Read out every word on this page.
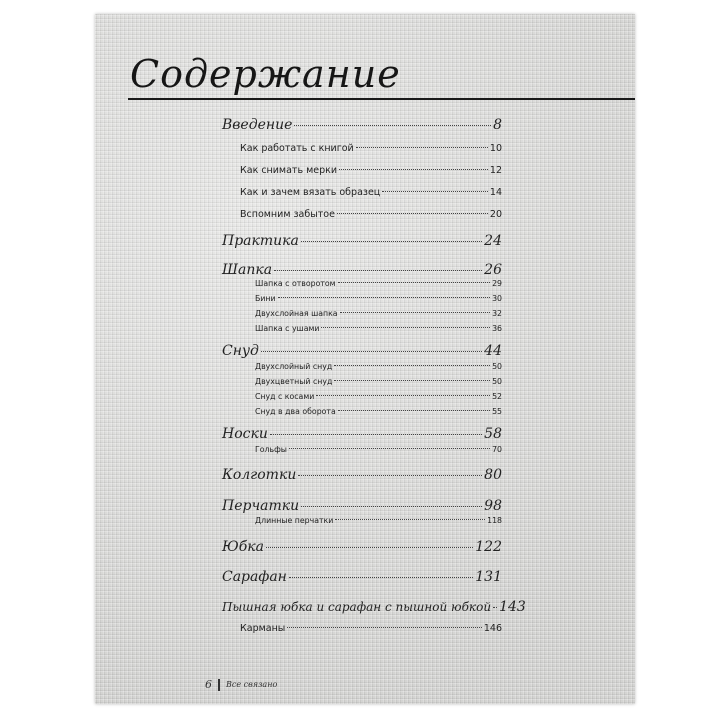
Содержание
Введение	8
Как работать с книгой	10
Как снимать мерки	12
Как и зачем вязать образец	14
Вспомним забытое	20
Практика	24
Шапка	26
Шапка с отворотом	29
Бини	30
Двухслойная шапка	32
Шапка с ушами	36
Снуд	44
Двухслойный снуд	50
Двухцветный снуд	50
Снуд с косами	52
Снуд в два оборота	55
Носки	58
Гольфы	70
Колготки	80
Перчатки	98
Длинные перчатки	118
Юбка	122
Сарафан	131
Пышная юбка и сарафан с пышной юбкой 143
Карманы	146
6 Все связано
